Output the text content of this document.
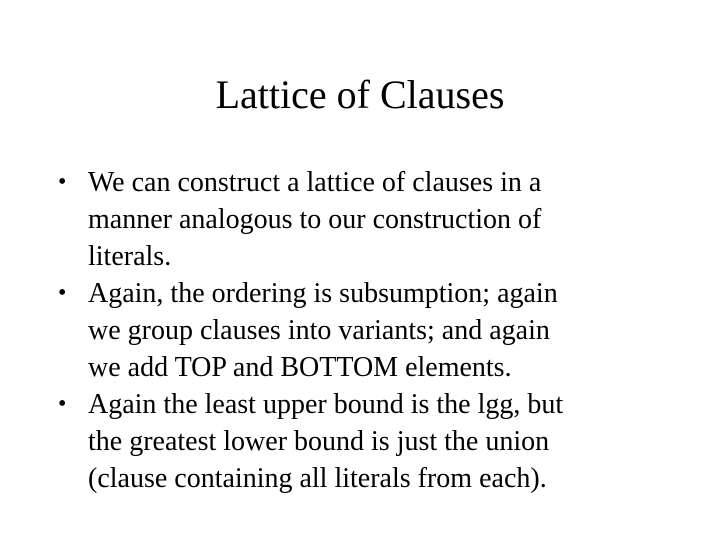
Lattice of Clauses
• We can construct a lattice of clauses in a
manner analogous to our construction of
literals.
• Again, the ordering is subsumption; again
we group clauses into variants; and again
we add TOP and BOTTOM elements.
• Again the least upper bound is the lgg, but
the greatest lower bound is just the union
(clause containing all literals from each).
